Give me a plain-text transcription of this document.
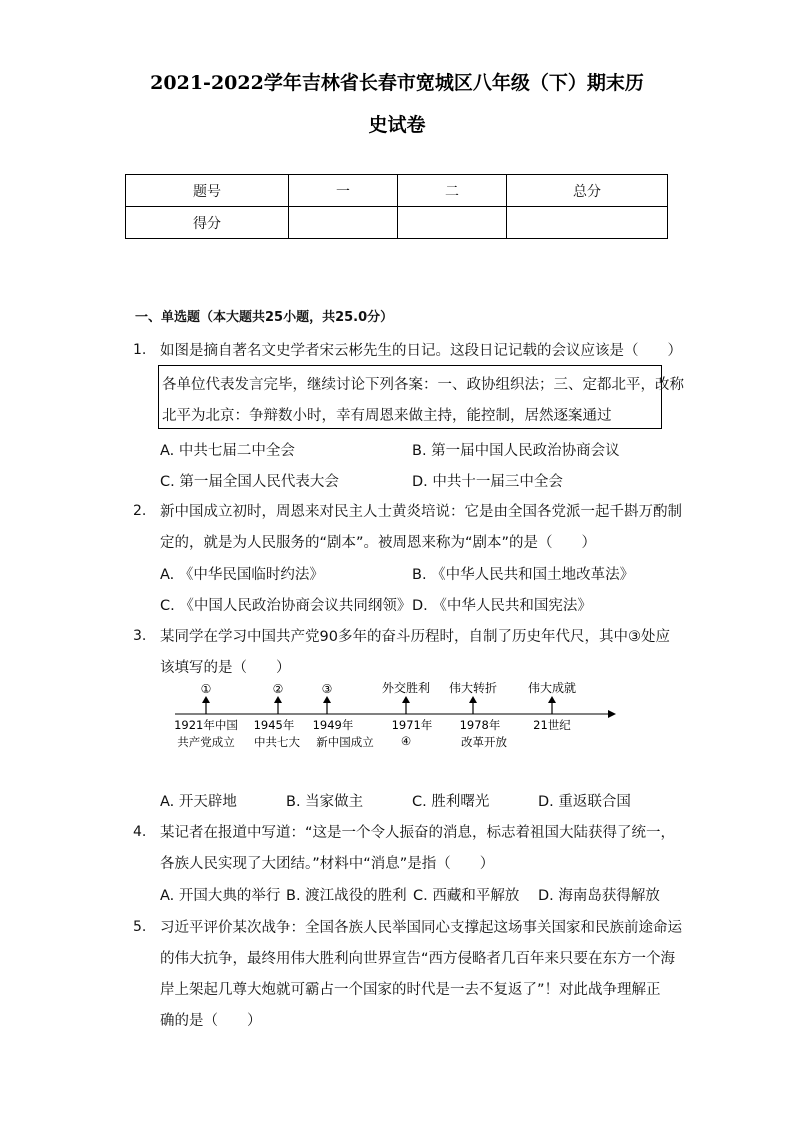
2021-2022学年吉林省长春市宽城区八年级（下）期末历
史试卷
题号	一	二	总分
得分			
一、单选题（本大题共25小题，共25.0分）
1. 如图是摘自著名文史学者宋云彬先生的日记。这段日记记载的会议应该是（　　）
各单位代表发言完毕，继续讨论下列各案：一、政协组织法；三、定都北平，改称
北平为北京：争辩数小时，幸有周恩来做主持，能控制，居然逐案通过
A. 中共七届二中全会	B. 第一届中国人民政治协商会议
C. 第一届全国人民代表大会	D. 中共十一届三中全会
2. 新中国成立初时，周恩来对民主人士黄炎培说：它是由全国各党派一起千斟万酌制
定的，就是为人民服务的“剧本”。被周恩来称为“剧本”的是（　　）
A. 《中华民国临时约法》	B. 《中华人民共和国土地改革法》
C. 《中国人民政治协商会议共同纲领》 D. 《中华人民共和国宪法》
3. 某同学在学习中国共产党90多年的奋斗历程时，自制了历史年代尺，其中③处应
该填写的是（　　）
①	②	③	外交胜利 伟大转折	伟大成就
1921年中国
共产党成立
1945年
中共七大
1949年
新中国成立
1971年
④
1978年
改革开放
21世纪
A. 开天辟地	B. 当家做主	C. 胜利曙光	D. 重返联合国
4. 某记者在报道中写道：“这是一个令人振奋的消息，标志着祖国大陆获得了统一，
各族人民实现了大团结。”材料中“消息”是指（　　）
A. 开国大典的举行 B. 渡江战役的胜利 C. 西藏和平解放 D. 海南岛获得解放
5. 习近平评价某次战争：全国各族人民举国同心支撑起这场事关国家和民族前途命运
的伟大抗争，最终用伟大胜利向世界宣告“西方侵略者几百年来只要在东方一个海
岸上架起几尊大炮就可霸占一个国家的时代是一去不复返了”！对此战争理解正
确的是（　　）
